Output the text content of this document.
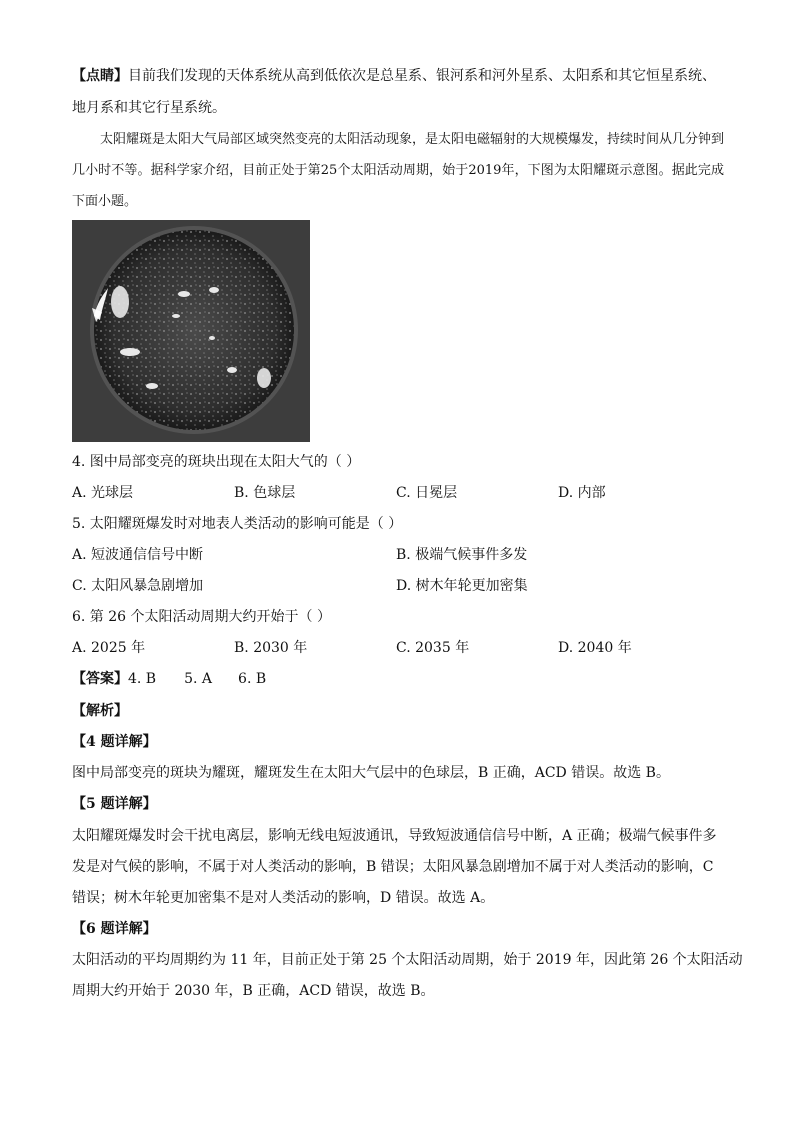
【点睛】目前我们发现的天体系统从高到低依次是总星系、银河系和河外星系、太阳系和其它恒星系统、
地月系和其它行星系统。
太阳耀斑是太阳大气局部区域突然变亮的太阳活动现象，是太阳电磁辐射的大规模爆发，持续时间从几分钟到几小时不等。据科学家介绍，目前正处于第25个太阳活动周期，始于2019年，下图为太阳耀斑示意图。据此完成下面小题。
4. 图中局部变亮的斑块出现在太阳大气的（ ）
A. 光球层	B. 色球层	C. 日冕层	D. 内部
5. 太阳耀斑爆发时对地表人类活动的影响可能是（ ）
A. 短波通信信号中断	B. 极端气候事件多发
C. 太阳风暴急剧增加	D. 树木年轮更加密集
6. 第 26 个太阳活动周期大约开始于（ ）
A. 2025 年	B. 2030 年	C. 2035 年	D. 2040 年
【答案】4. B 5. A 6. B
【解析】
【4 题详解】
图中局部变亮的斑块为耀斑，耀斑发生在太阳大气层中的色球层，B 正确，ACD 错误。故选 B。
【5 题详解】
太阳耀斑爆发时会干扰电离层，影响无线电短波通讯，导致短波通信信号中断，A 正确；极端气候事件多
发是对气候的影响，不属于对人类活动的影响，B 错误；太阳风暴急剧增加不属于对人类活动的影响，C
错误；树木年轮更加密集不是对人类活动的影响，D 错误。故选 A。
【6 题详解】
太阳活动的平均周期约为 11 年，目前正处于第 25 个太阳活动周期，始于 2019 年，因此第 26 个太阳活动
周期大约开始于 2030 年，B 正确，ACD 错误，故选 B。
